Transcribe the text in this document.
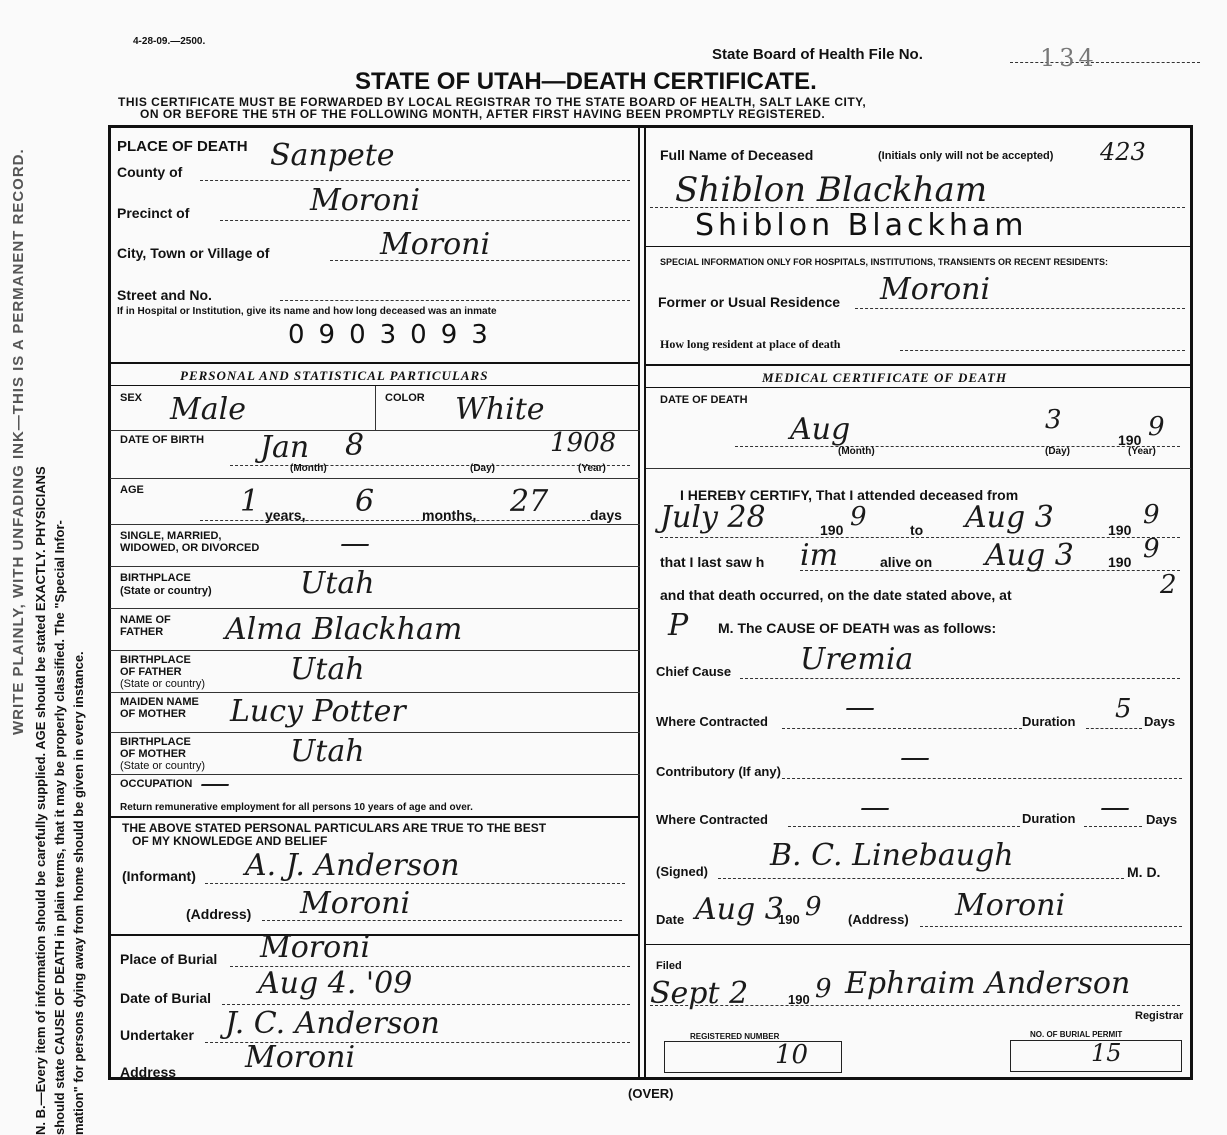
WRITE PLAINLY, WITH UNFADING INK—THIS IS A PERMANENT RECORD.
N. B.—Every item of information should be carefully supplied. AGE should be stated EXACTLY. PHYSICIANS should state CAUSE OF DEATH in plain terms, that it may be properly classified. The "Special Infor- mation" for persons dying away from home should be given in every instance.
4-28-09.—2500.
State Board of Health File No.	134
STATE OF UTAH—DEATH CERTIFICATE.
THIS CERTIFICATE MUST BE FORWARDED BY LOCAL REGISTRAR TO THE STATE BOARD OF HEALTH, SALT LAKE CITY,
ON OR BEFORE THE 5TH OF THE FOLLOWING MONTH, AFTER FIRST HAVING BEEN PROMPTLY REGISTERED.
PLACE OF DEATH
County of	Sanpete
Precinct of	Moroni
City, Town or Village of	Moroni
Street and No.
If in Hospital or Institution, give its name and how long deceased was an inmate
0903093
PERSONAL AND STATISTICAL PARTICULARS
SEX Male	COLOR White
DATE OF BIRTH Jan 8	1908
(Month)	(Day)	(Year)
AGE	1 years, 6	months, 27	days
SINGLE, MARRIED,
WIDOWED, OR DIVORCED	—
BIRTHPLACE
(State or country)	Utah
NAME OF
FATHER Alma Blackham
BIRTHPLACE
OF FATHER
(State or country)	Utah
MAIDEN NAME
OF MOTHER Lucy Potter
BIRTHPLACE
OF MOTHER
(State or country)	Utah
OCCUPATION —
Return remunerative employment for all persons 10 years of age and over.
THE ABOVE STATED PERSONAL PARTICULARS ARE TRUE TO THE BEST
OF MY KNOWLEDGE AND BELIEF
(Informant) A. J. Anderson
(Address) Moroni
Place of Burial Moroni
Date of Burial Aug 4. '09
Undertaker J. C. Anderson
Address Moroni
Full Name of Deceased	(Initials only will not be accepted) 423
Shiblon Blackham
Shiblon Blackham
SPECIAL INFORMATION ONLY FOR HOSPITALS, INSTITUTIONS, TRANSIENTS OR RECENT RESIDENTS:
Former or Usual Residence Moroni
How long resident at place of death
MEDICAL CERTIFICATE OF DEATH
DATE OF DEATH
Aug	3
190 9
(Month)	(Day)	(Year)
I HEREBY CERTIFY, That I attended deceased from
July 28	190 9	to Aug 3	190 9
that I last saw h im	alive on Aug 3 190 9
and that death occurred, on the date stated above, at	2
P M. The CAUSE OF DEATH was as follows:
Chief Cause Uremia
Where Contracted	—	Duration 5 Days
Contributory (If any)	—
Where Contracted	—	Duration — Days
(Signed) B. C. Linebaugh	M. D.
Date Aug 3
190 9 (Address) Moroni
Filed
Sept 2	190 9 Ephraim Anderson
Registrar
REGISTERED NUMBER
10
NO. OF BURIAL PERMIT
15
(OVER)
